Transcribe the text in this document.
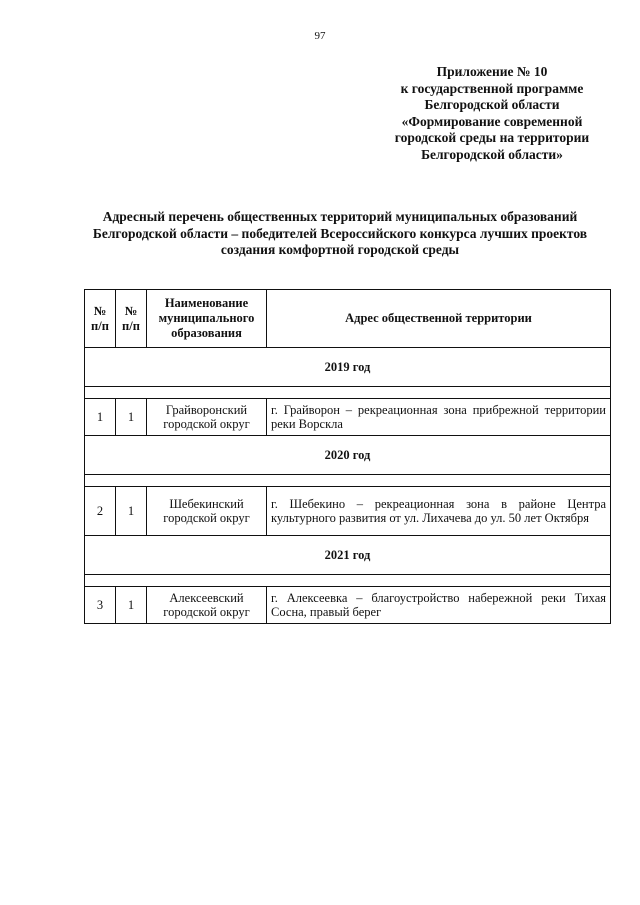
97
Приложение № 10
к государственной программе
Белгородской области
«Формирование современной
городской среды на территории
Белгородской области»
Адресный перечень общественных территорий муниципальных образований
Белгородской области – победителей Всероссийского конкурса лучших проектов
создания комфортной городской среды
№ п/п	№ п/п	Наименование муниципального образования	Адрес общественной территории
2019 год			

1	1	Грайворонский городской округ	г. Грайворон – рекреационная зона прибрежной территории реки Ворскла
2020 год			

2	1	Шебекинский городской округ	г. Шебекино – рекреационная зона в районе Центра культурного развития от ул. Лихачева до ул. 50 лет Октября
2021 год			

3	1	Алексеевский городской округ	г. Алексеевка – благоустройство набережной реки Тихая Сосна, правый берег
